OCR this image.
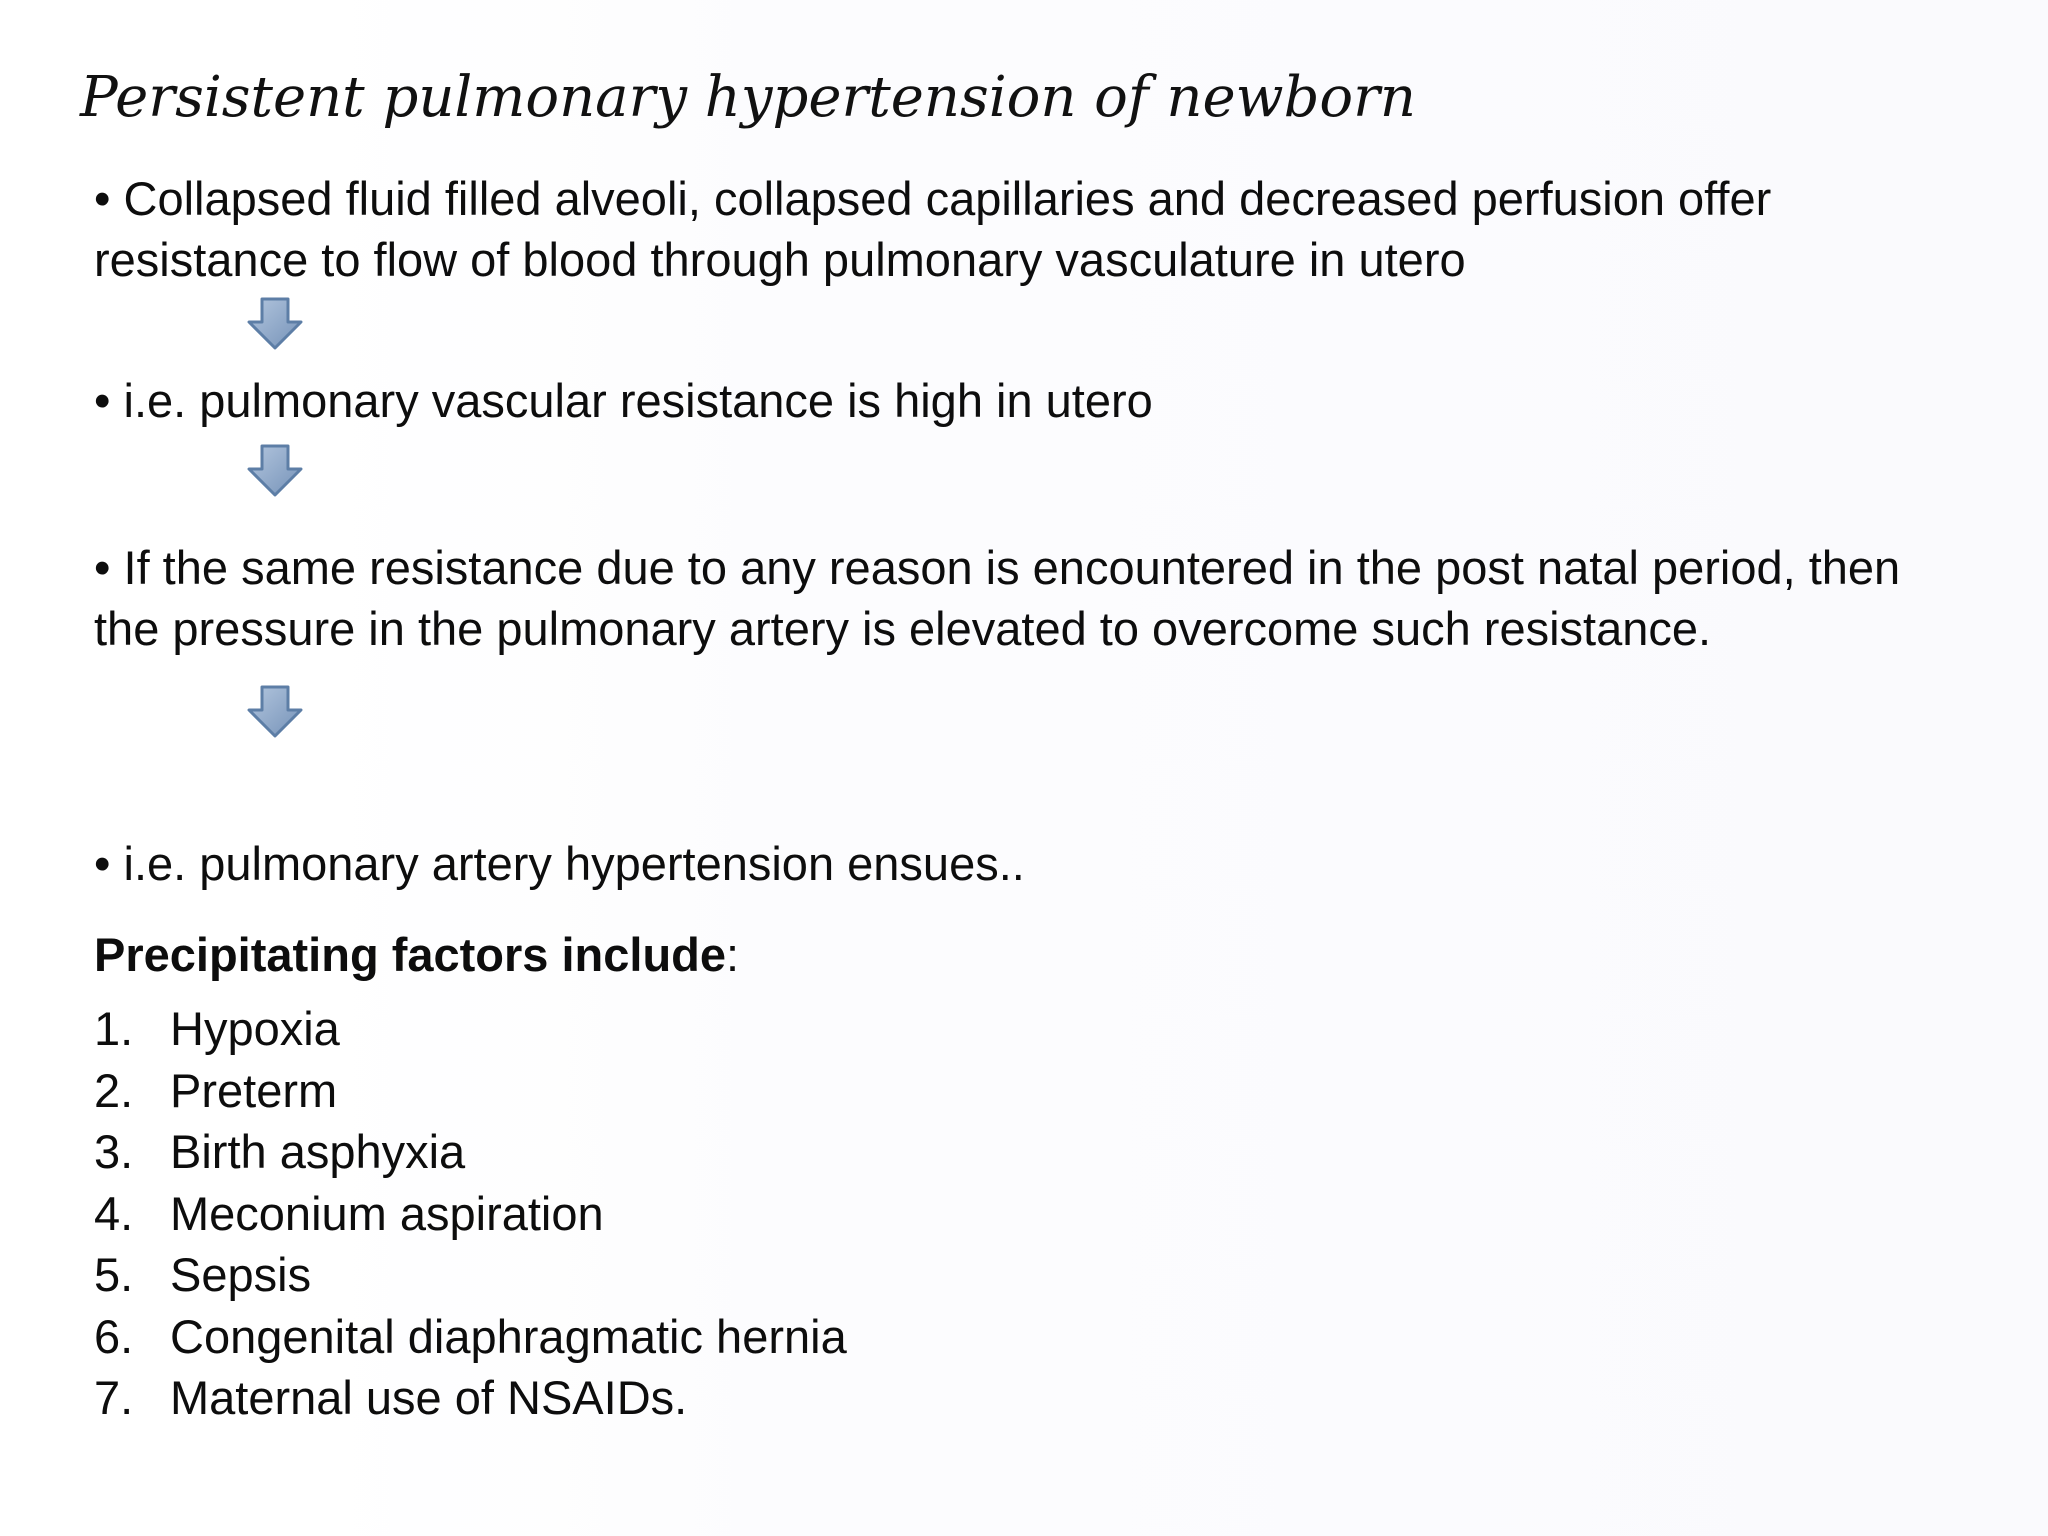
Persistent pulmonary hypertension of newborn

• Collapsed fluid filled alveoli, collapsed capillaries and decreased perfusion offer resistance to flow of blood through pulmonary vasculature in utero

• i.e. pulmonary vascular resistance is high in utero

• If the same resistance due to any reason is encountered in the post natal period, then the pressure in the pulmonary artery is elevated to overcome such resistance.

• i.e. pulmonary artery hypertension ensues..

Precipitating factors include:

1. Hypoxia
2. Preterm
3. Birth asphyxia
4. Meconium aspiration
5. Sepsis
6. Congenital diaphragmatic hernia
7. Maternal use of NSAIDs.
